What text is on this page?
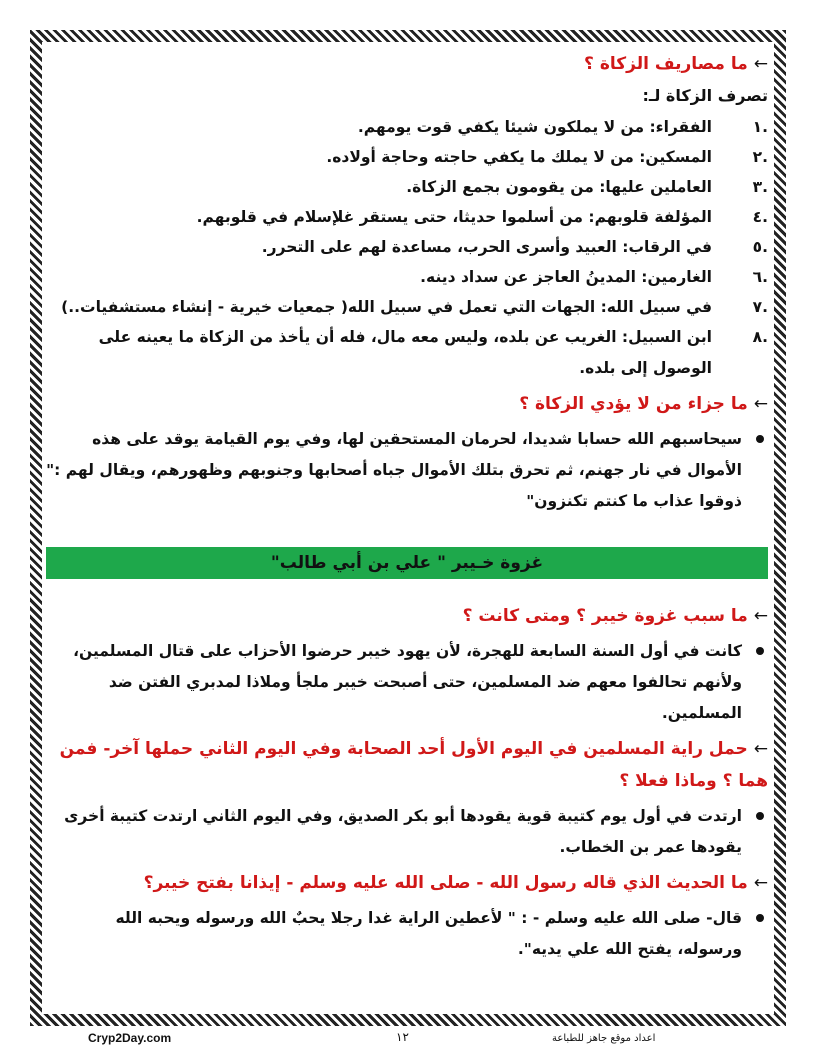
←ما مصاريف الزكاة ؟
تصرف الزكاة لـ:
.١
الفقراء: من لا يملكون شيئا يكفي قوت يومهم.
.٢
المسكين: من لا يملك ما يكفي حاجته وحاجة أولاده.
.٣
العاملين عليها: من يقومون بجمع الزكاة.
.٤
المؤلفة قلوبهم: من أسلموا حديثا، حتى يستقر غلإسلام في قلوبهم.
.٥
في الرقاب: العبيد وأسرى الحرب، مساعدة لهم على التحرر.
.٦
الغارمين: المدينُ العاجز عن سداد دينه.
.٧
في سبيل الله: الجهات التي تعمل في سبيل الله( جمعيات خيرية - إنشاء مستشفيات..)
.٨
ابن السبيل: الغريب عن بلده، وليس معه مال، فله أن يأخذ من الزكاة ما يعينه على الوصول إلى بلده.
←ما جزاء من لا يؤدي الزكاة ؟
سيحاسبهم الله حسابا شديدا، لحرمان المستحقين لها، وفي يوم القيامة يوقد على هذه الأموال في نار جهنم، ثم تحرق بتلك الأموال جباه أصحابها وجنوبهم وظهورهم، ويقال لهم :" ذوقوا عذاب ما كنتم تكنزون"
غزوة خـيبر " علي بن أبي طالب"
←ما سبب غزوة خيبر ؟ ومتى كانت ؟
كانت في أول السنة السابعة للهجرة، لأن يهود خيبر حرضوا الأحزاب على قتال المسلمين، ولأنهم تحالفوا معهم ضد المسلمين، حتى أصبحت خيبر ملجأ وملاذا لمدبري الفتن ضد المسلمين.
←حمل راية المسلمين في اليوم الأول أحد الصحابة وفي اليوم الثاني حملها آخر- فمن هما ؟ وماذا فعلا ؟
ارتدت في أول يوم كتيبة قوية يقودها أبو بكر الصديق، وفي اليوم الثاني ارتدت كتيبة أخرى يقودها عمر بن الخطاب.
←ما الحديث الذي قاله رسول الله - صلى الله عليه وسلم - إيذانا بفتح خيبر؟
قال- صلى الله عليه وسلم - : " لأعطين الراية غدا رجلا يحبٌ الله ورسوله ويحبه الله ورسوله، يفتح الله علي يديه".
Cryp2Day.com	١٢	اعداد موقع جاهز للطباعة
